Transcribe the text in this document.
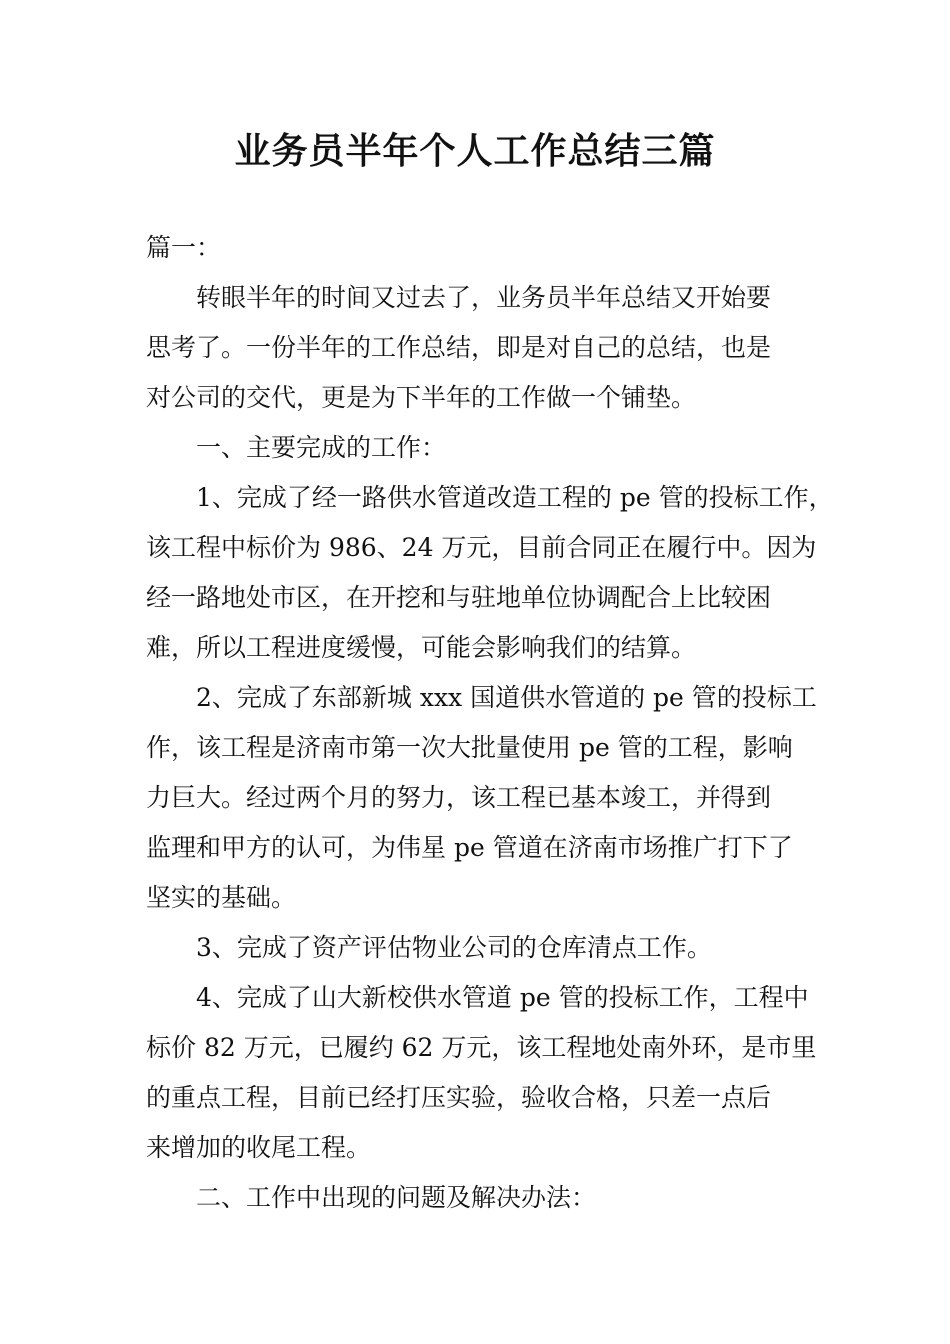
业务员半年个人工作总结三篇

篇一：

转眼半年的时间又过去了，业务员半年总结又开始要

思考了。一份半年的工作总结，即是对自己的总结，也是

对公司的交代，更是为下半年的工作做一个铺垫。

一、主要完成的工作：

1、完成了经一路供水管道改造工程的 pe 管的投标工作，

该工程中标价为 986、24 万元，目前合同正在履行中。因为

经一路地处市区，在开挖和与驻地单位协调配合上比较困

难，所以工程进度缓慢，可能会影响我们的结算。

2、完成了东部新城 xxx 国道供水管道的 pe 管的投标工

作，该工程是济南市第一次大批量使用 pe 管的工程，影响

力巨大。经过两个月的努力，该工程已基本竣工，并得到

监理和甲方的认可，为伟星 pe 管道在济南市场推广打下了

坚实的基础。

3、完成了资产评估物业公司的仓库清点工作。

4、完成了山大新校供水管道 pe 管的投标工作，工程中

标价 82 万元，已履约 62 万元，该工程地处南外环，是市里

的重点工程，目前已经打压实验，验收合格，只差一点后

来增加的收尾工程。

二、工作中出现的问题及解决办法：
